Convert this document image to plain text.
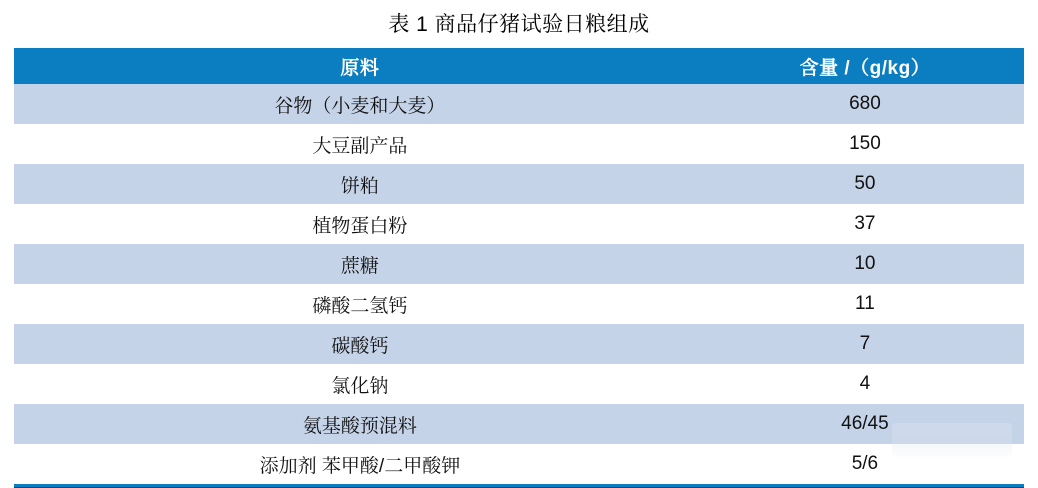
表 1 商品仔猪试验日粮组成
原料	含量 /（g/kg）
谷物（小麦和大麦）	680
大豆副产品	150
饼粕	50
植物蛋白粉	37
蔗糖	10
磷酸二氢钙	11
碳酸钙	7
氯化钠	4
氨基酸预混料	46/45
添加剂 苯甲酸/二甲酸钾	5/6
